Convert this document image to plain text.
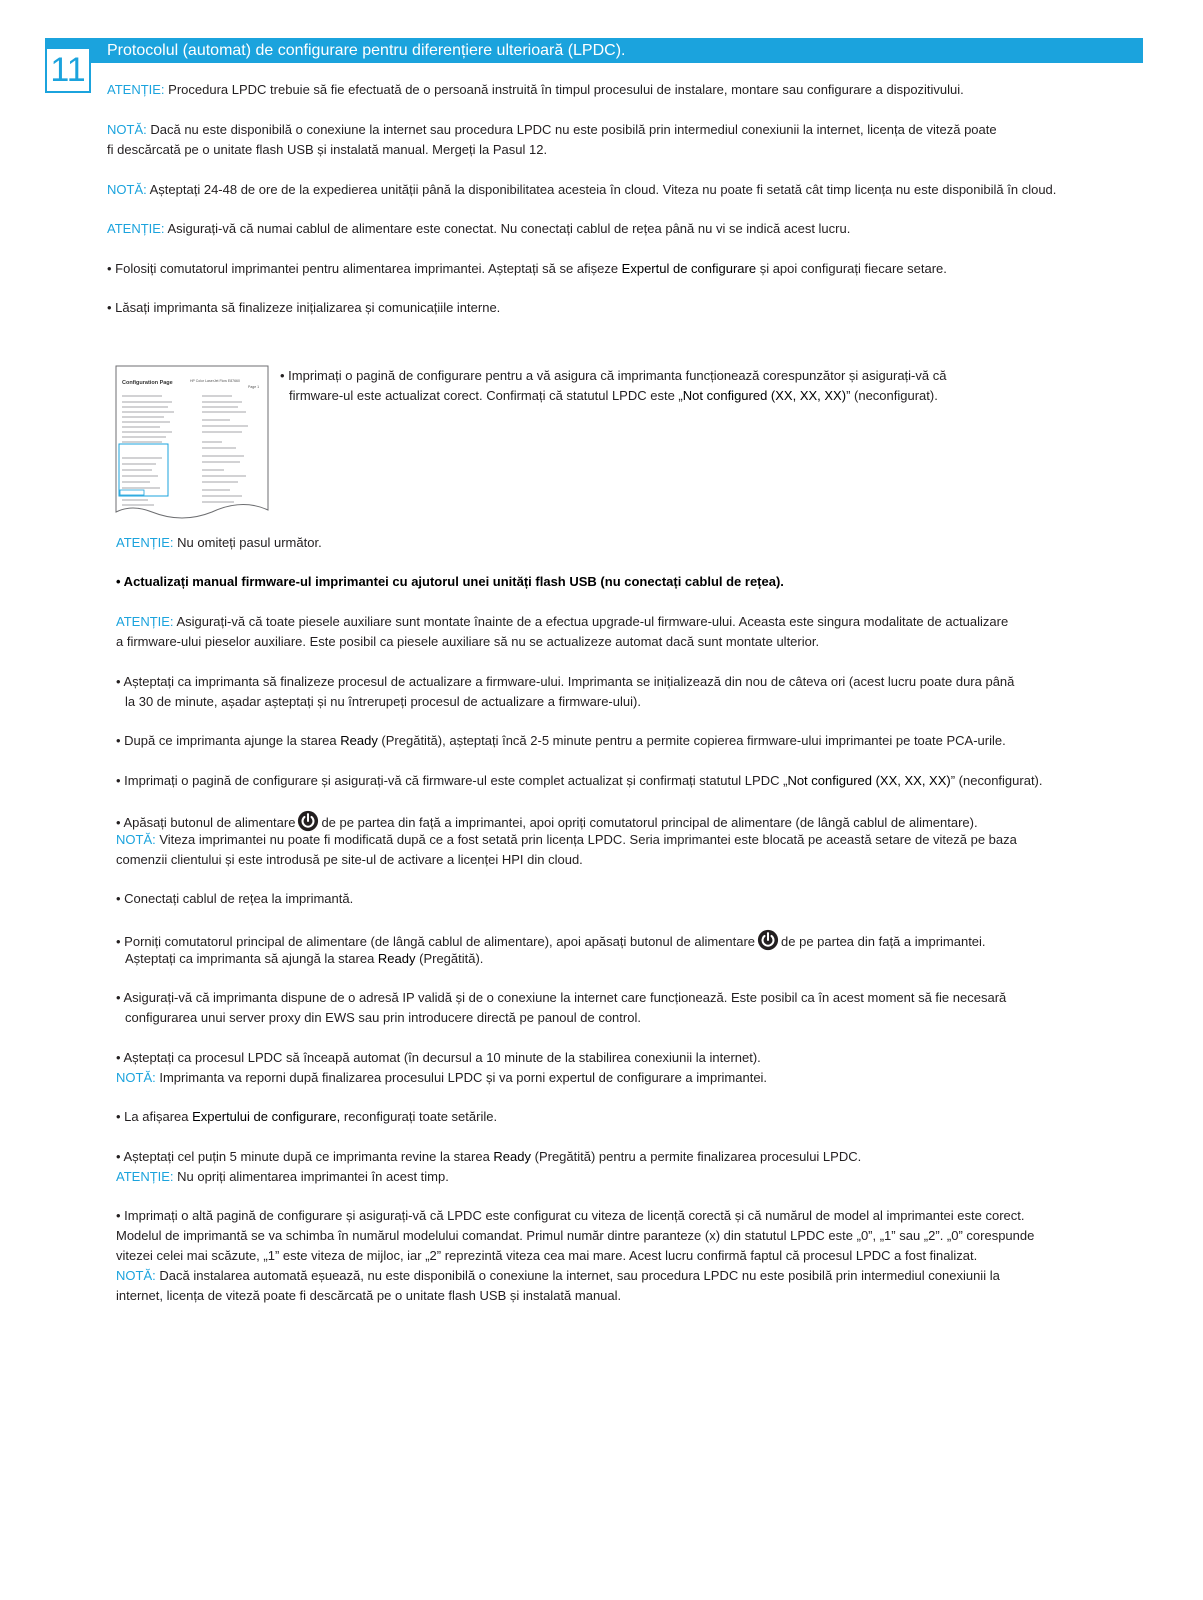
Protocolul (automat) de configurare pentru diferențiere ulterioară (LPDC).
11

ATENȚIE: Procedura LPDC trebuie să fie efectuată de o persoană instruită în timpul procesului de instalare, montare sau configurare a dispozitivului.

NOTĂ: Dacă nu este disponibilă o conexiune la internet sau procedura LPDC nu este posibilă prin intermediul conexiunii la internet, licența de viteză poate

fi descărcată pe o unitate flash USB și instalată manual. Mergeți la Pasul 12.

NOTĂ: Așteptați 24-48 de ore de la expedierea unității până la disponibilitatea acesteia în cloud. Viteza nu poate fi setată cât timp licența nu este disponibilă în cloud.

ATENȚIE: Asigurați-vă că numai cablul de alimentare este conectat. Nu conectați cablul de rețea până nu vi se indică acest lucru.

• Folosiți comutatorul imprimantei pentru alimentarea imprimantei. Așteptați să se afișeze Expertul de configurare și apoi configurați fiecare setare.

• Lăsați imprimanta să finalizeze inițializarea și comunicațiile interne.

Configuration Page	HP Color LaserJet Flow E87660
Page 1

• Imprimați o pagină de configurare pentru a vă asigura că imprimanta funcționează corespunzător și asigurați-vă că

firmware-ul este actualizat corect. Confirmați că statutul LPDC este „Not configured (XX, XX, XX)” (neconfigurat).

ATENȚIE: Nu omiteți pasul următor.

• Actualizați manual firmware-ul imprimantei cu ajutorul unei unități flash USB (nu conectați cablul de rețea).

ATENȚIE: Asigurați-vă că toate piesele auxiliare sunt montate înainte de a efectua upgrade-ul firmware-ului. Aceasta este singura modalitate de actualizare

a firmware-ului pieselor auxiliare. Este posibil ca piesele auxiliare să nu se actualizeze automat dacă sunt montate ulterior.

• Așteptați ca imprimanta să finalizeze procesul de actualizare a firmware-ului. Imprimanta se inițializează din nou de câteva ori (acest lucru poate dura până

la 30 de minute, așadar așteptați și nu întrerupeți procesul de actualizare a firmware-ului).

• După ce imprimanta ajunge la starea Ready (Pregătită), așteptați încă 2-5 minute pentru a permite copierea firmware-ului imprimantei pe toate PCA-urile.

• Imprimați o pagină de configurare și asigurați-vă că firmware-ul este complet actualizat și confirmați statutul LPDC „Not configured (XX, XX, XX)” (neconfigurat).

• Apăsați butonul de alimentare de pe partea din față a imprimantei, apoi opriți comutatorul principal de alimentare (de lângă cablul de alimentare).

NOTĂ: Viteza imprimantei nu poate fi modificată după ce a fost setată prin licența LPDC. Seria imprimantei este blocată pe această setare de viteză pe baza

comenzii clientului și este introdusă pe site-ul de activare a licenței HPI din cloud.

• Conectați cablul de rețea la imprimantă.

• Porniți comutatorul principal de alimentare (de lângă cablul de alimentare), apoi apăsați butonul de alimentare de pe partea din față a imprimantei.

Așteptați ca imprimanta să ajungă la starea Ready (Pregătită).

• Asigurați-vă că imprimanta dispune de o adresă IP validă și de o conexiune la internet care funcționează. Este posibil ca în acest moment să fie necesară

configurarea unui server proxy din EWS sau prin introducere directă pe panoul de control.

• Așteptați ca procesul LPDC să înceapă automat (în decursul a 10 minute de la stabilirea conexiunii la internet).

NOTĂ: Imprimanta va reporni după finalizarea procesului LPDC și va porni expertul de configurare a imprimantei.

• La afișarea Expertului de configurare, reconfigurați toate setările.

• Așteptați cel puțin 5 minute după ce imprimanta revine la starea Ready (Pregătită) pentru a permite finalizarea procesului LPDC.

ATENȚIE: Nu opriți alimentarea imprimantei în acest timp.

• Imprimați o altă pagină de configurare și asigurați-vă că LPDC este configurat cu viteza de licență corectă și că numărul de model al imprimantei este corect.

Modelul de imprimantă se va schimba în numărul modelului comandat. Primul număr dintre paranteze (x) din statutul LPDC este „0”, „1” sau „2”. „0” corespunde

vitezei celei mai scăzute, „1” este viteza de mijloc, iar „2” reprezintă viteza cea mai mare. Acest lucru confirmă faptul că procesul LPDC a fost finalizat.

NOTĂ: Dacă instalarea automată eșuează, nu este disponibilă o conexiune la internet, sau procedura LPDC nu este posibilă prin intermediul conexiunii la

internet, licența de viteză poate fi descărcată pe o unitate flash USB și instalată manual.
